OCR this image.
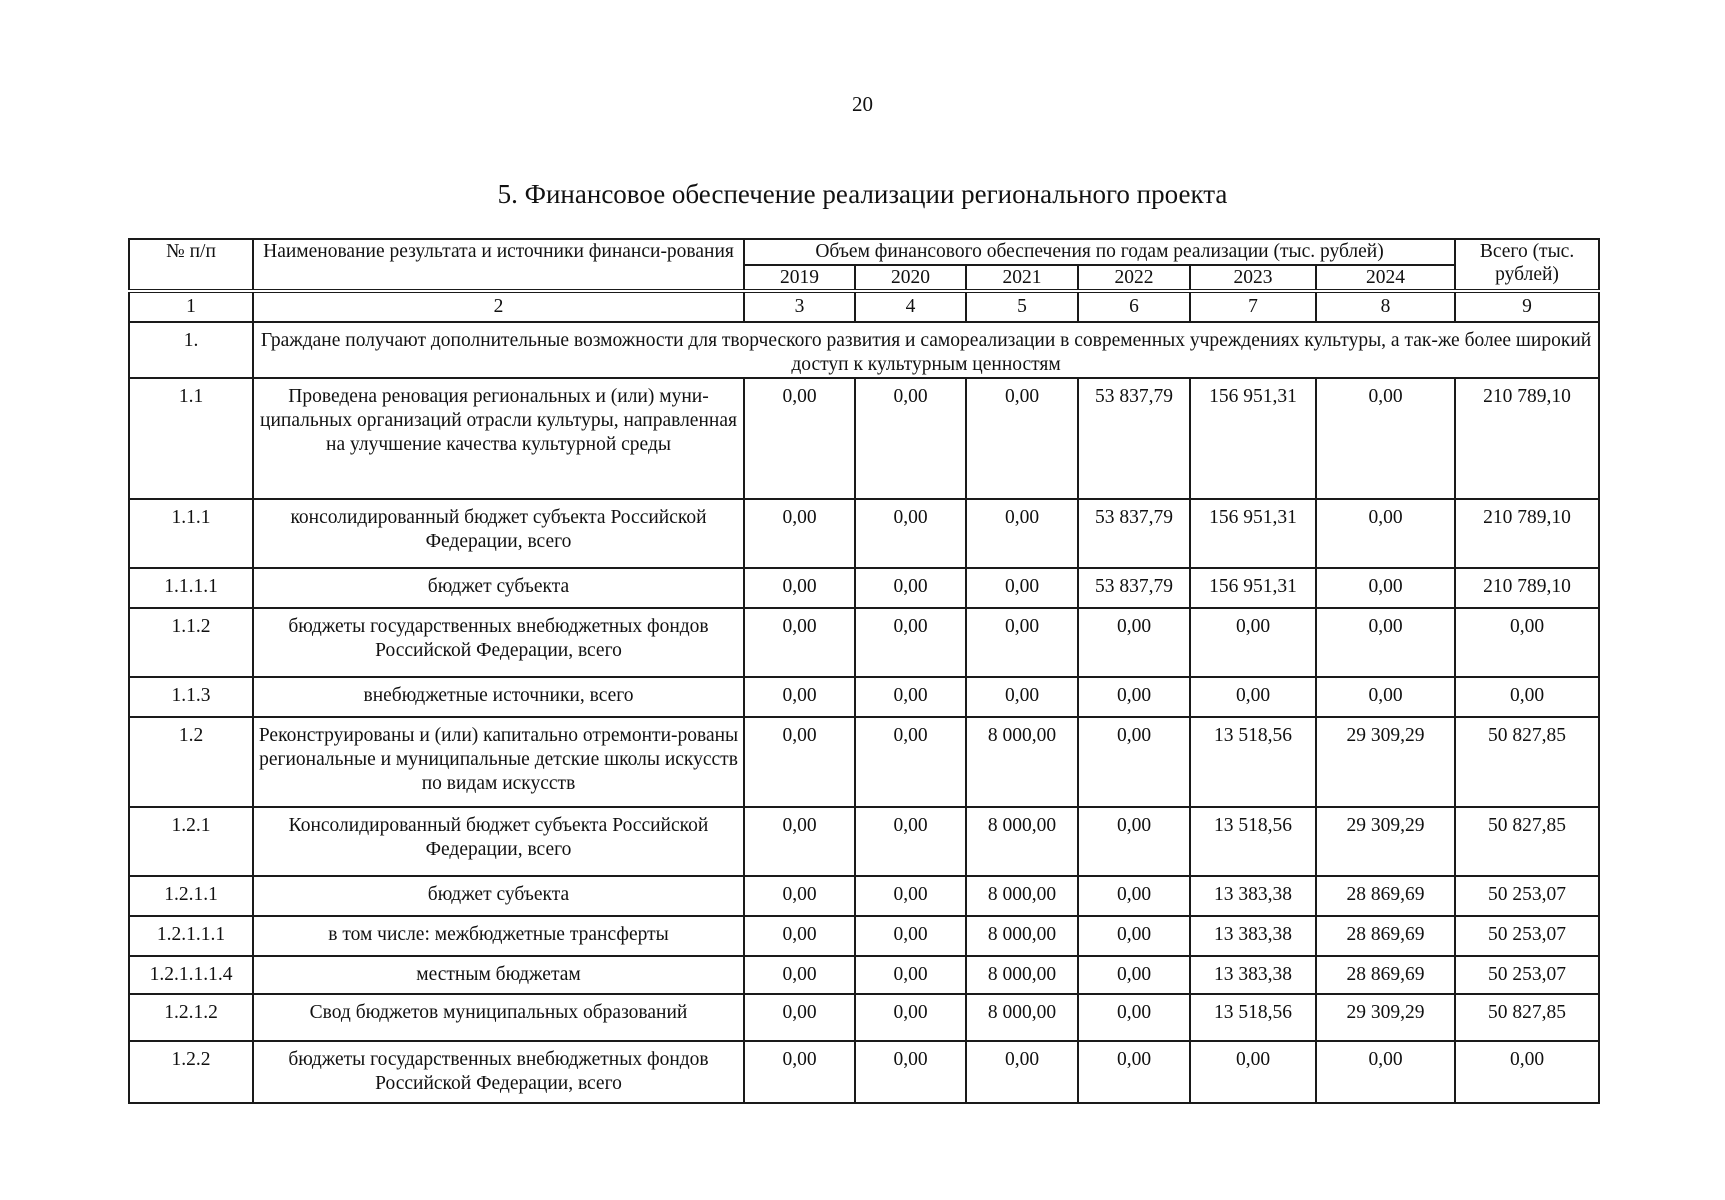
20
5. Финансовое обеспечение реализации регионального проекта
№ п/п	Наименование результата и источники финанси-рования	Объем финансового обеспечения по годам реализации (тыс. рублей)						Всего (тыс. рублей)
		2019	2020	2021	2022	2023	2024	
1	2	3	4	5	6	7	8	9
1.	Граждане получают дополнительные возможности для творческого развития и самореализации в современных учреждениях культуры, а так-же более широкий доступ к культурным ценностям							
1.1	Проведена реновация региональных и (или) муни-ципальных организаций отрасли культуры, направленная на улучшение качества культурной среды	0,00	0,00	0,00	53 837,79	156 951,31	0,00	210 789,10
1.1.1	консолидированный бюджет субъекта Российской Федерации, всего	0,00	0,00	0,00	53 837,79	156 951,31	0,00	210 789,10
1.1.1.1	бюджет субъекта	0,00	0,00	0,00	53 837,79	156 951,31	0,00	210 789,10
1.1.2	бюджеты государственных внебюджетных фондов Российской Федерации, всего	0,00	0,00	0,00	0,00	0,00	0,00	0,00
1.1.3	внебюджетные источники, всего	0,00	0,00	0,00	0,00	0,00	0,00	0,00
1.2	Реконструированы и (или) капитально отремонти-рованы региональные и муниципальные детские школы искусств по видам искусств	0,00	0,00	8 000,00	0,00	13 518,56	29 309,29	50 827,85
1.2.1	Консолидированный бюджет субъекта Российской Федерации, всего	0,00	0,00	8 000,00	0,00	13 518,56	29 309,29	50 827,85
1.2.1.1	бюджет субъекта	0,00	0,00	8 000,00	0,00	13 383,38	28 869,69	50 253,07
1.2.1.1.1	в том числе: межбюджетные трансферты	0,00	0,00	8 000,00	0,00	13 383,38	28 869,69	50 253,07
1.2.1.1.1.4	местным бюджетам	0,00	0,00	8 000,00	0,00	13 383,38	28 869,69	50 253,07
1.2.1.2	Свод бюджетов муниципальных образований	0,00	0,00	8 000,00	0,00	13 518,56	29 309,29	50 827,85
1.2.2	бюджеты государственных внебюджетных фондов Российской Федерации, всего	0,00	0,00	0,00	0,00	0,00	0,00	0,00
